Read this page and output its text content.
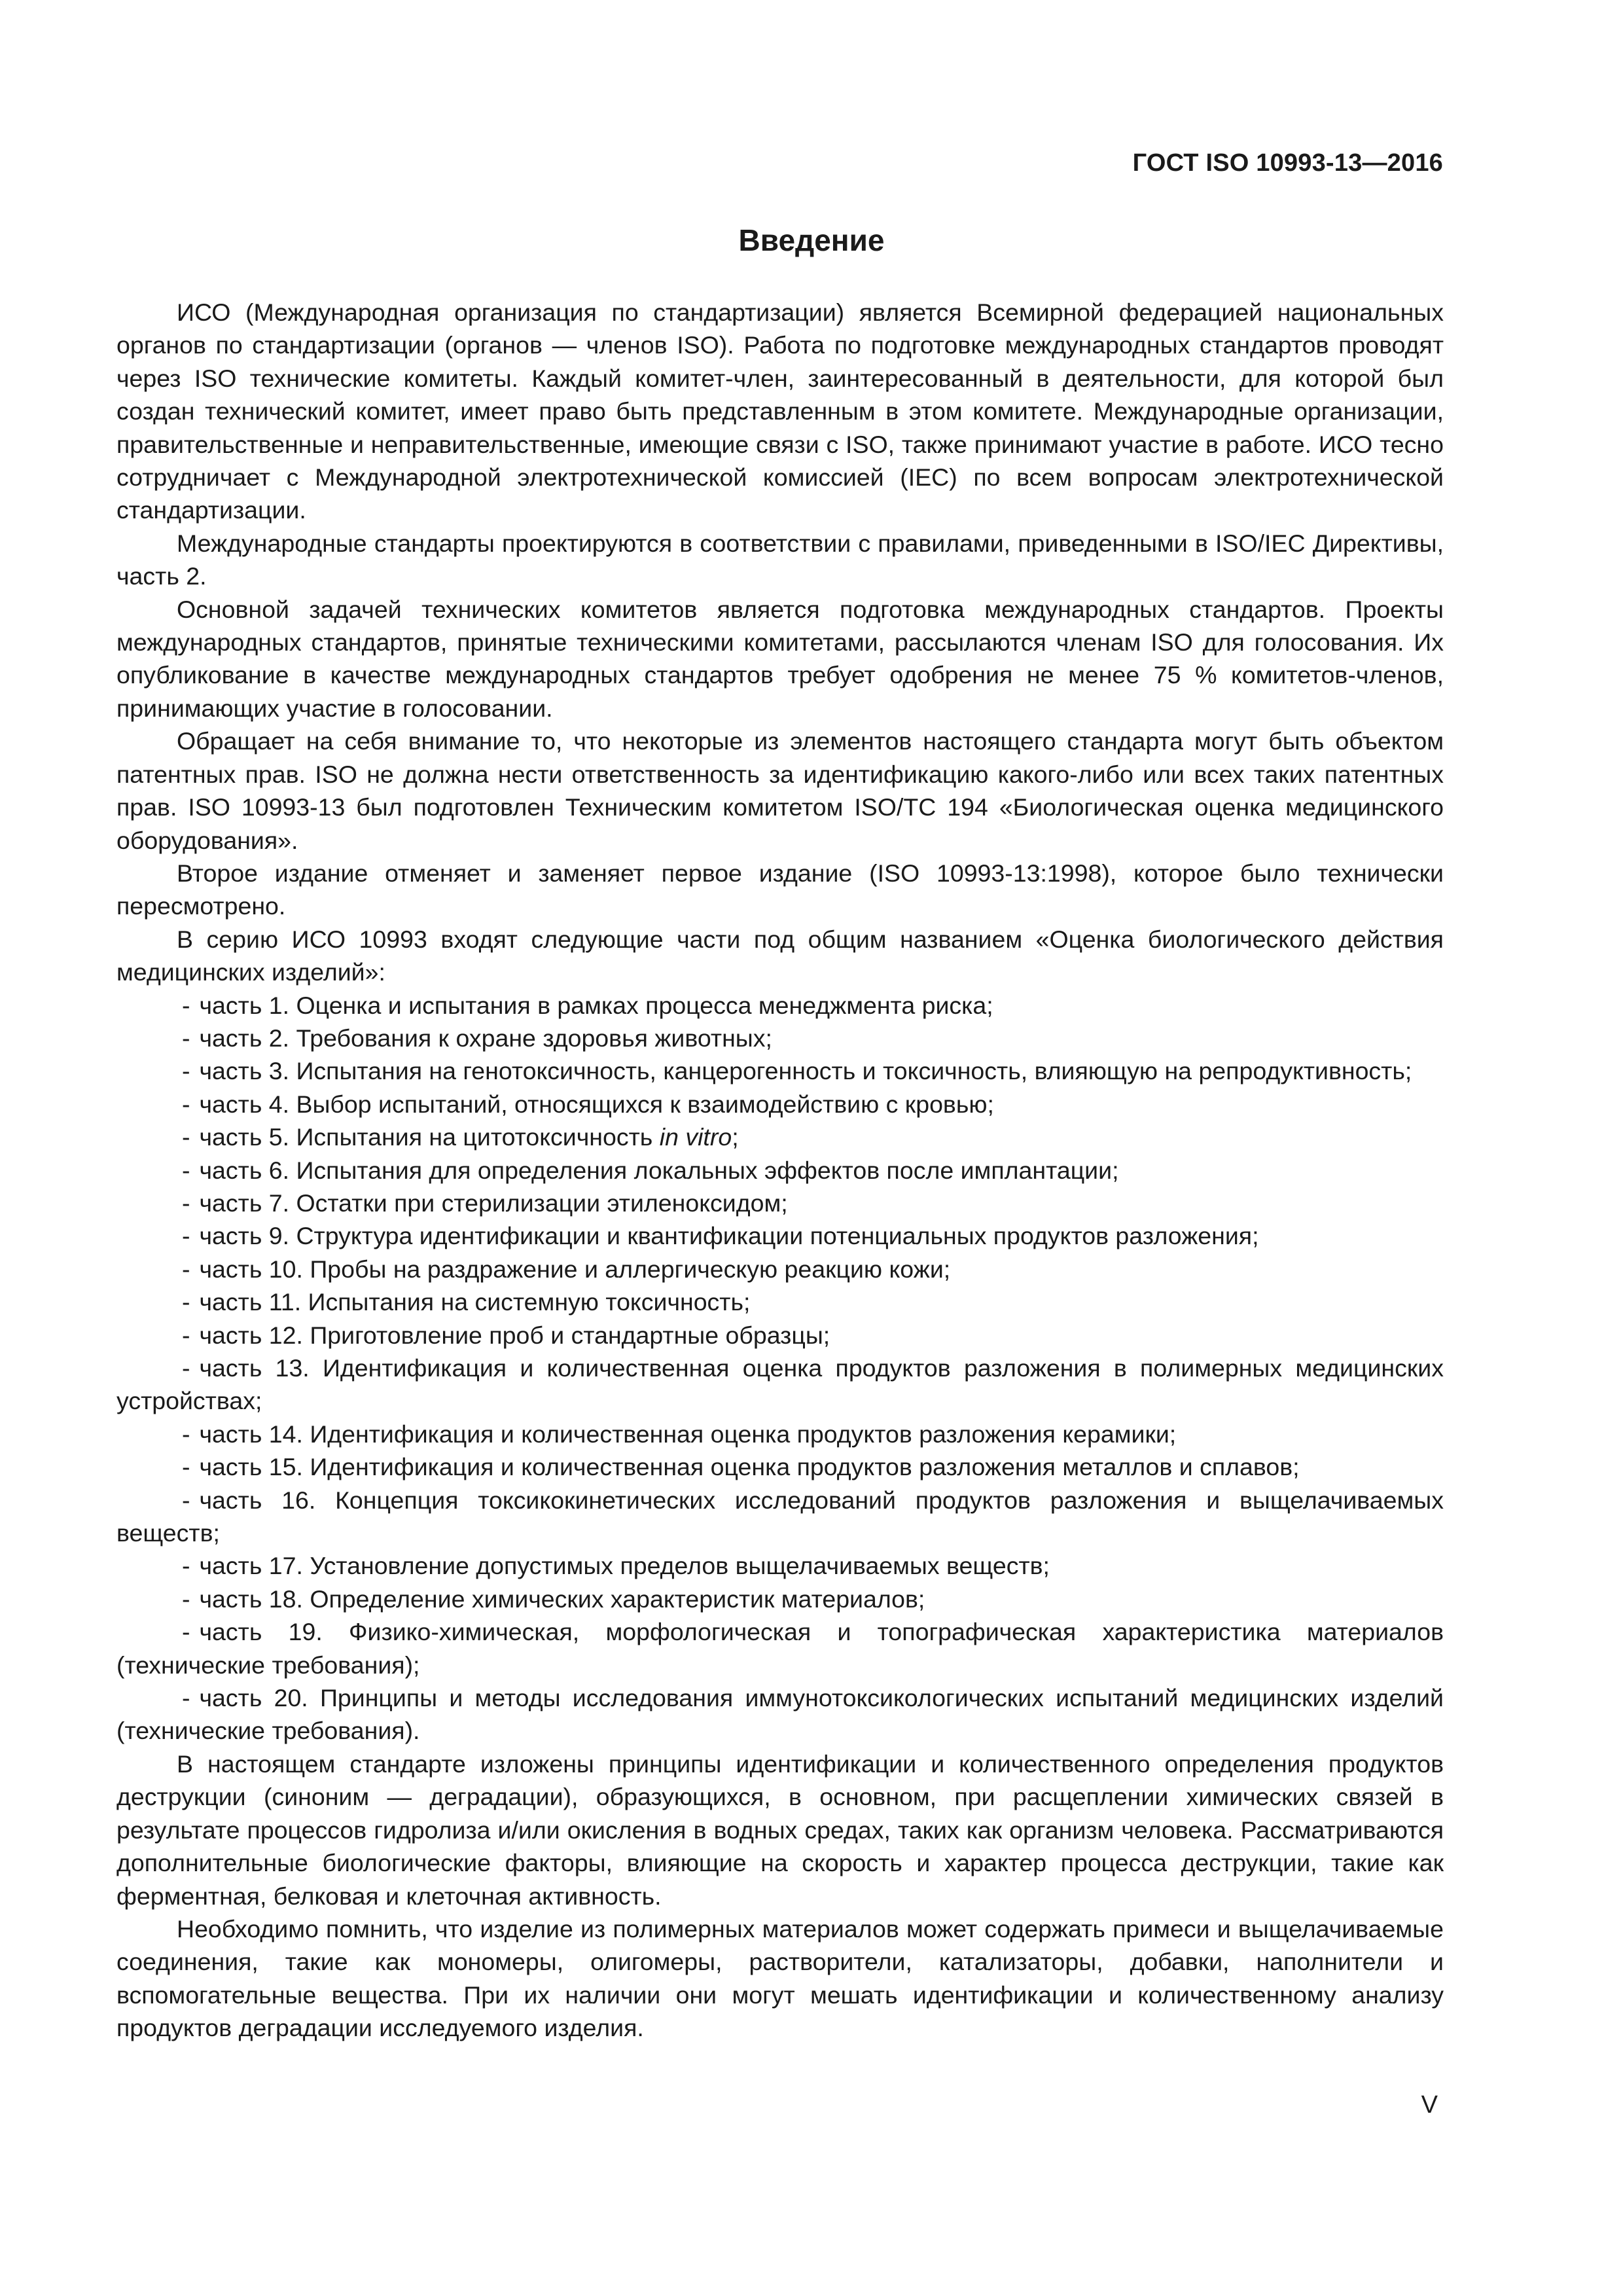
ГОСТ ISO 10993-13—2016
Введение

ИСО (Международная организация по стандартизации) является Всемирной федерацией национальных органов по стандартизации (органов — членов ISO). Работа по подготовке международных стандартов проводят через ISO технические комитеты. Каждый комитет-член, заинтересованный в деятельности, для которой был создан технический комитет, имеет право быть представленным в этом комитете. Международные организации, правительственные и неправительственные, имеющие связи с ISO, также принимают участие в работе. ИСО тесно сотрудничает с Международной электротехнической комиссией (IEC) по всем вопросам электротехнической стандартизации.

Международные стандарты проектируются в соответствии с правилами, приведенными в ISO/IEC Директивы, часть 2.

Основной задачей технических комитетов является подготовка международных стандартов. Проекты международных стандартов, принятые техническими комитетами, рассылаются членам ISO для голосования. Их опубликование в качестве международных стандартов требует одобрения не менее 75 % комитетов-членов, принимающих участие в голосовании.

Обращает на себя внимание то, что некоторые из элементов настоящего стандарта могут быть объектом патентных прав. ISO не должна нести ответственность за идентификацию какого-либо или всех таких патентных прав. ISO 10993-13 был подготовлен Техническим комитетом ISO/TC 194 «Биологическая оценка медицинского оборудования».

Второе издание отменяет и заменяет первое издание (ISO 10993-13:1998), которое было технически пересмотрено.

В серию ИСО 10993 входят следующие части под общим названием «Оценка биологического действия медицинских изделий»:

- часть 1. Оценка и испытания в рамках процесса менеджмента риска;

- часть 2. Требования к охране здоровья животных;

- часть 3. Испытания на генотоксичность, канцерогенность и токсичность, влияющую на репродуктивность;

- часть 4. Выбор испытаний, относящихся к взаимодействию с кровью;

- часть 5. Испытания на цитотоксичность in vitro;

- часть 6. Испытания для определения локальных эффектов после имплантации;

- часть 7. Остатки при стерилизации этиленоксидом;

- часть 9. Структура идентификации и квантификации потенциальных продуктов разложения;

- часть 10. Пробы на раздражение и аллергическую реакцию кожи;

- часть 11. Испытания на системную токсичность;

- часть 12. Приготовление проб и стандартные образцы;

- часть 13. Идентификация и количественная оценка продуктов разложения в полимерных медицинских устройствах;

- часть 14. Идентификация и количественная оценка продуктов разложения керамики;

- часть 15. Идентификация и количественная оценка продуктов разложения металлов и сплавов;

- часть 16. Концепция токсикокинетических исследований продуктов разложения и выщелачиваемых веществ;

- часть 17. Установление допустимых пределов выщелачиваемых веществ;

- часть 18. Определение химических характеристик материалов;

- часть 19. Физико-химическая, морфологическая и топографическая характеристика материалов (технические требования);

- часть 20. Принципы и методы исследования иммунотоксикологических испытаний медицинских изделий (технические требования).

В настоящем стандарте изложены принципы идентификации и количественного определения продуктов деструкции (синоним — деградации), образующихся, в основном, при расщеплении химических связей в результате процессов гидролиза и/или окисления в водных средах, таких как организм человека. Рассматриваются дополнительные биологические факторы, влияющие на скорость и характер процесса деструкции, такие как ферментная, белковая и клеточная активность.

Необходимо помнить, что изделие из полимерных материалов может содержать примеси и выщелачиваемые соединения, такие как мономеры, олигомеры, растворители, катализаторы, добавки, наполнители и вспомогательные вещества. При их наличии они могут мешать идентификации и количественному анализу продуктов деградации исследуемого изделия.

V
